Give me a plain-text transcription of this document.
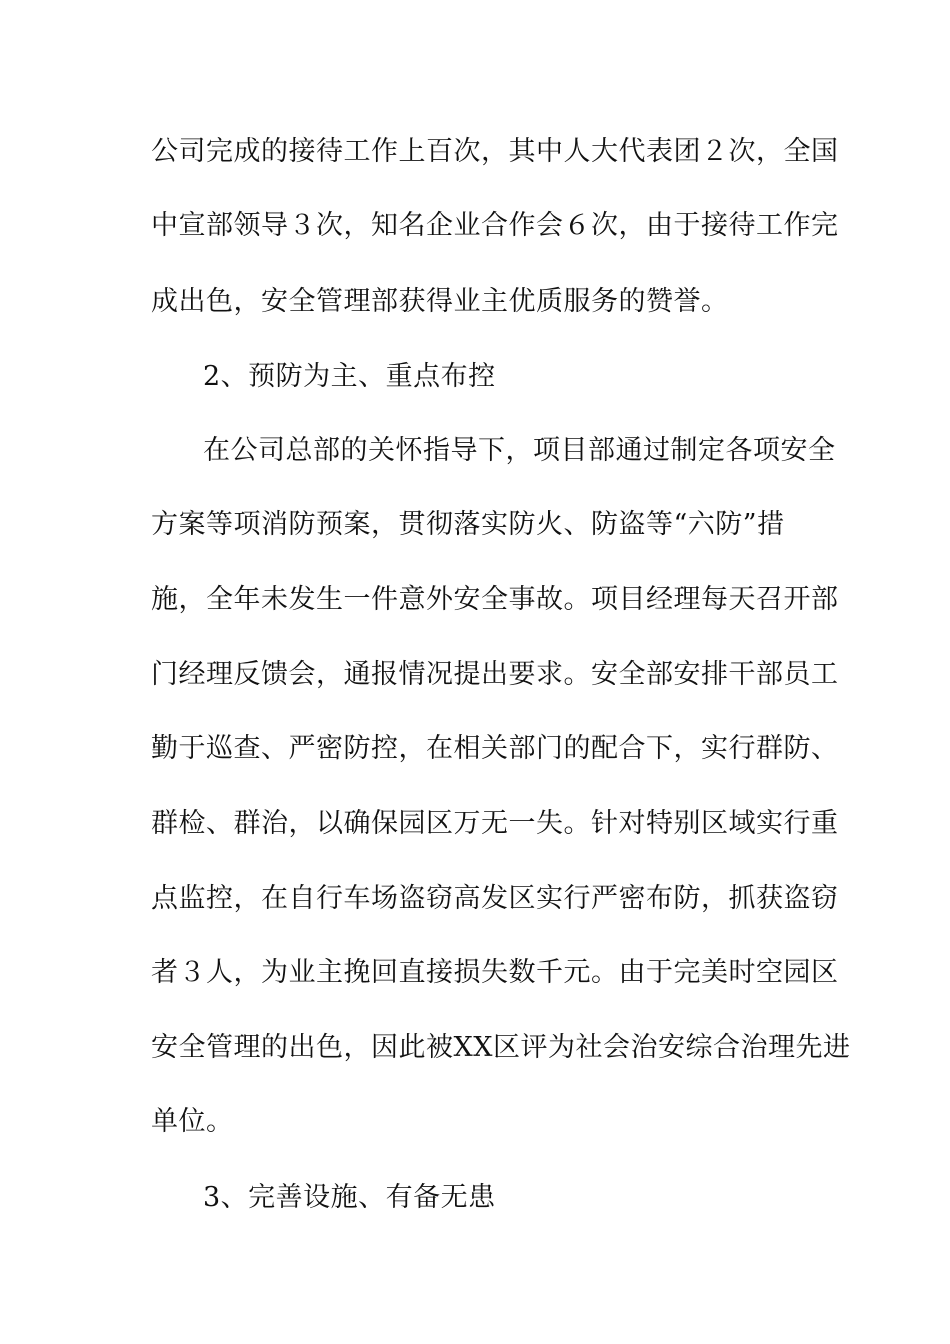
公司完成的接待工作上百次，其中人大代表团２次，全国
中宣部领导３次，知名企业合作会６次，由于接待工作完
成出色，安全管理部获得业主优质服务的赞誉。
2、预防为主、重点布控
在公司总部的关怀指导下，项目部通过制定各项安全
方案等项消防预案，贯彻落实防火、防盗等“六防”措
施，全年未发生一件意外安全事故。项目经理每天召开部
门经理反馈会，通报情况提出要求。安全部安排干部员工
勤于巡查、严密防控，在相关部门的配合下，实行群防、
群检、群治，以确保园区万无一失。针对特别区域实行重
点监控，在自行车场盗窃高发区实行严密布防，抓获盗窃
者３人，为业主挽回直接损失数千元。由于完美时空园区
安全管理的出色，因此被XX区评为社会治安综合治理先进
单位。
3、完善设施、有备无患
